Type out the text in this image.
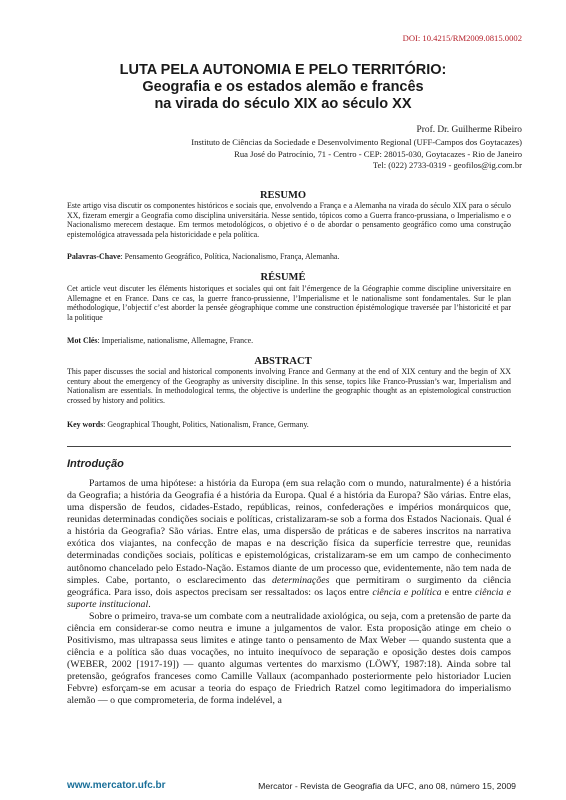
DOI: 10.4215/RM2009.0815.0002

LUTA PELA AUTONOMIA E PELO TERRITÓRIO:

Geografia e os estados alemão e francês

na virada do século XIX ao século XX

Prof. Dr. Guilherme Ribeiro
Instituto de Ciências da Sociedade e Desenvolvimento Regional (UFF-Campos dos Goytacazes)
Rua José do Patrocínio, 71 - Centro - CEP: 28015-030, Goytacazes - Rio de Janeiro
Tel: (022) 2733-0319 - geofilos@ig.com.br
RESUMO
Este artigo visa discutir os componentes históricos e sociais que, envolvendo a França e a Alemanha na virada do século XIX para o século XX, fizeram emergir a Geografia como disciplina universitária. Nesse sentido, tópicos como a Guerra franco-prussiana, o Imperialismo e o Nacionalismo merecem destaque. Em termos metodológicos, o objetivo é o de abordar o pensamento geográfico como uma construção epistemológica atravessada pela historicidade e pela política.
Palavras-Chave: Pensamento Geográfico, Política, Nacionalismo, França, Alemanha.
RÉSUMÉ
Cet article veut discuter les éléments historiques et sociales qui ont fait l’émergence de la Géographie comme discipline universitaire en Allemagne et en France. Dans ce cas, la guerre franco-prussienne, l’Imperialisme et le nationalisme sont fondamentales. Sur le plan méthodologique, l’objectif c’est aborder la pensée géographique comme une construction épistémologique traversée par l’historicité et par la politique
Mot Clés: Imperialisme, nationalisme, Allemagne, France.
ABSTRACT
This paper discusses the social and historical components involving France and Germany at the end of XIX century and the begin of XX century about the emergency of the Geography as university discipline. In this sense, topics like Franco-Prussian’s war, Imperialism and Nationalism are essentials. In methodological terms, the objective is underline the geographic thought as an epistemological construction crossed by history and politics.
Key words: Geographical Thought, Politics, Nationalism, France, Germany.
Introdução

Partamos de uma hipótese: a história da Europa (em sua relação com o mundo, naturalmente) é a história da Geografia; a história da Geografia é a história da Europa. Qual é a história da Europa? São várias. Entre elas, uma dispersão de feudos, cidades-Estado, repúblicas, reinos, confederações e impérios monárquicos que, reunidas determinadas condições sociais e políticas, cristalizaram-se sob a forma dos Estados Nacionais. Qual é a história da Geografia? São várias. Entre elas, uma dispersão de práticas e de saberes inscritos na narrativa exótica dos viajantes, na confecção de mapas e na descrição física da superfície terrestre que, reunidas determinadas condições sociais, políticas e epistemológicas, cristalizaram-se em um campo de conhecimento autônomo chancelado pelo Estado-Nação. Estamos diante de um processo que, evidentemente, não tem nada de simples. Cabe, portanto, o esclarecimento das determinações que permitiram o surgimento da ciência geográfica. Para isso, dois aspectos precisam ser ressaltados: os laços entre ciência e política e entre ciência e suporte institucional.

Sobre o primeiro, trava-se um combate com a neutralidade axiológica, ou seja, com a pretensão de parte da ciência em considerar-se como neutra e imune a julgamentos de valor. Esta proposição atinge em cheio o Positivismo, mas ultrapassa seus limites e atinge tanto o pensamento de Max Weber — quando sustenta que a ciência e a política são duas vocações, no intuito inequívoco de separação e oposição destes dois campos (WEBER, 2002 [1917-19]) — quanto algumas vertentes do marxismo (LÖWY, 1987:18). Ainda sobre tal pretensão, geógrafos franceses como Camille Vallaux (acompanhado posteriormente pelo historiador Lucien Febvre) esforçam-se em acusar a teoria do espaço de Friedrich Ratzel como legitimadora do imperialismo alemão — o que comprometeria, de forma indelével, a

www.mercator.ufc.br	Mercator - Revista de Geografia da UFC, ano 08, número 15, 2009
